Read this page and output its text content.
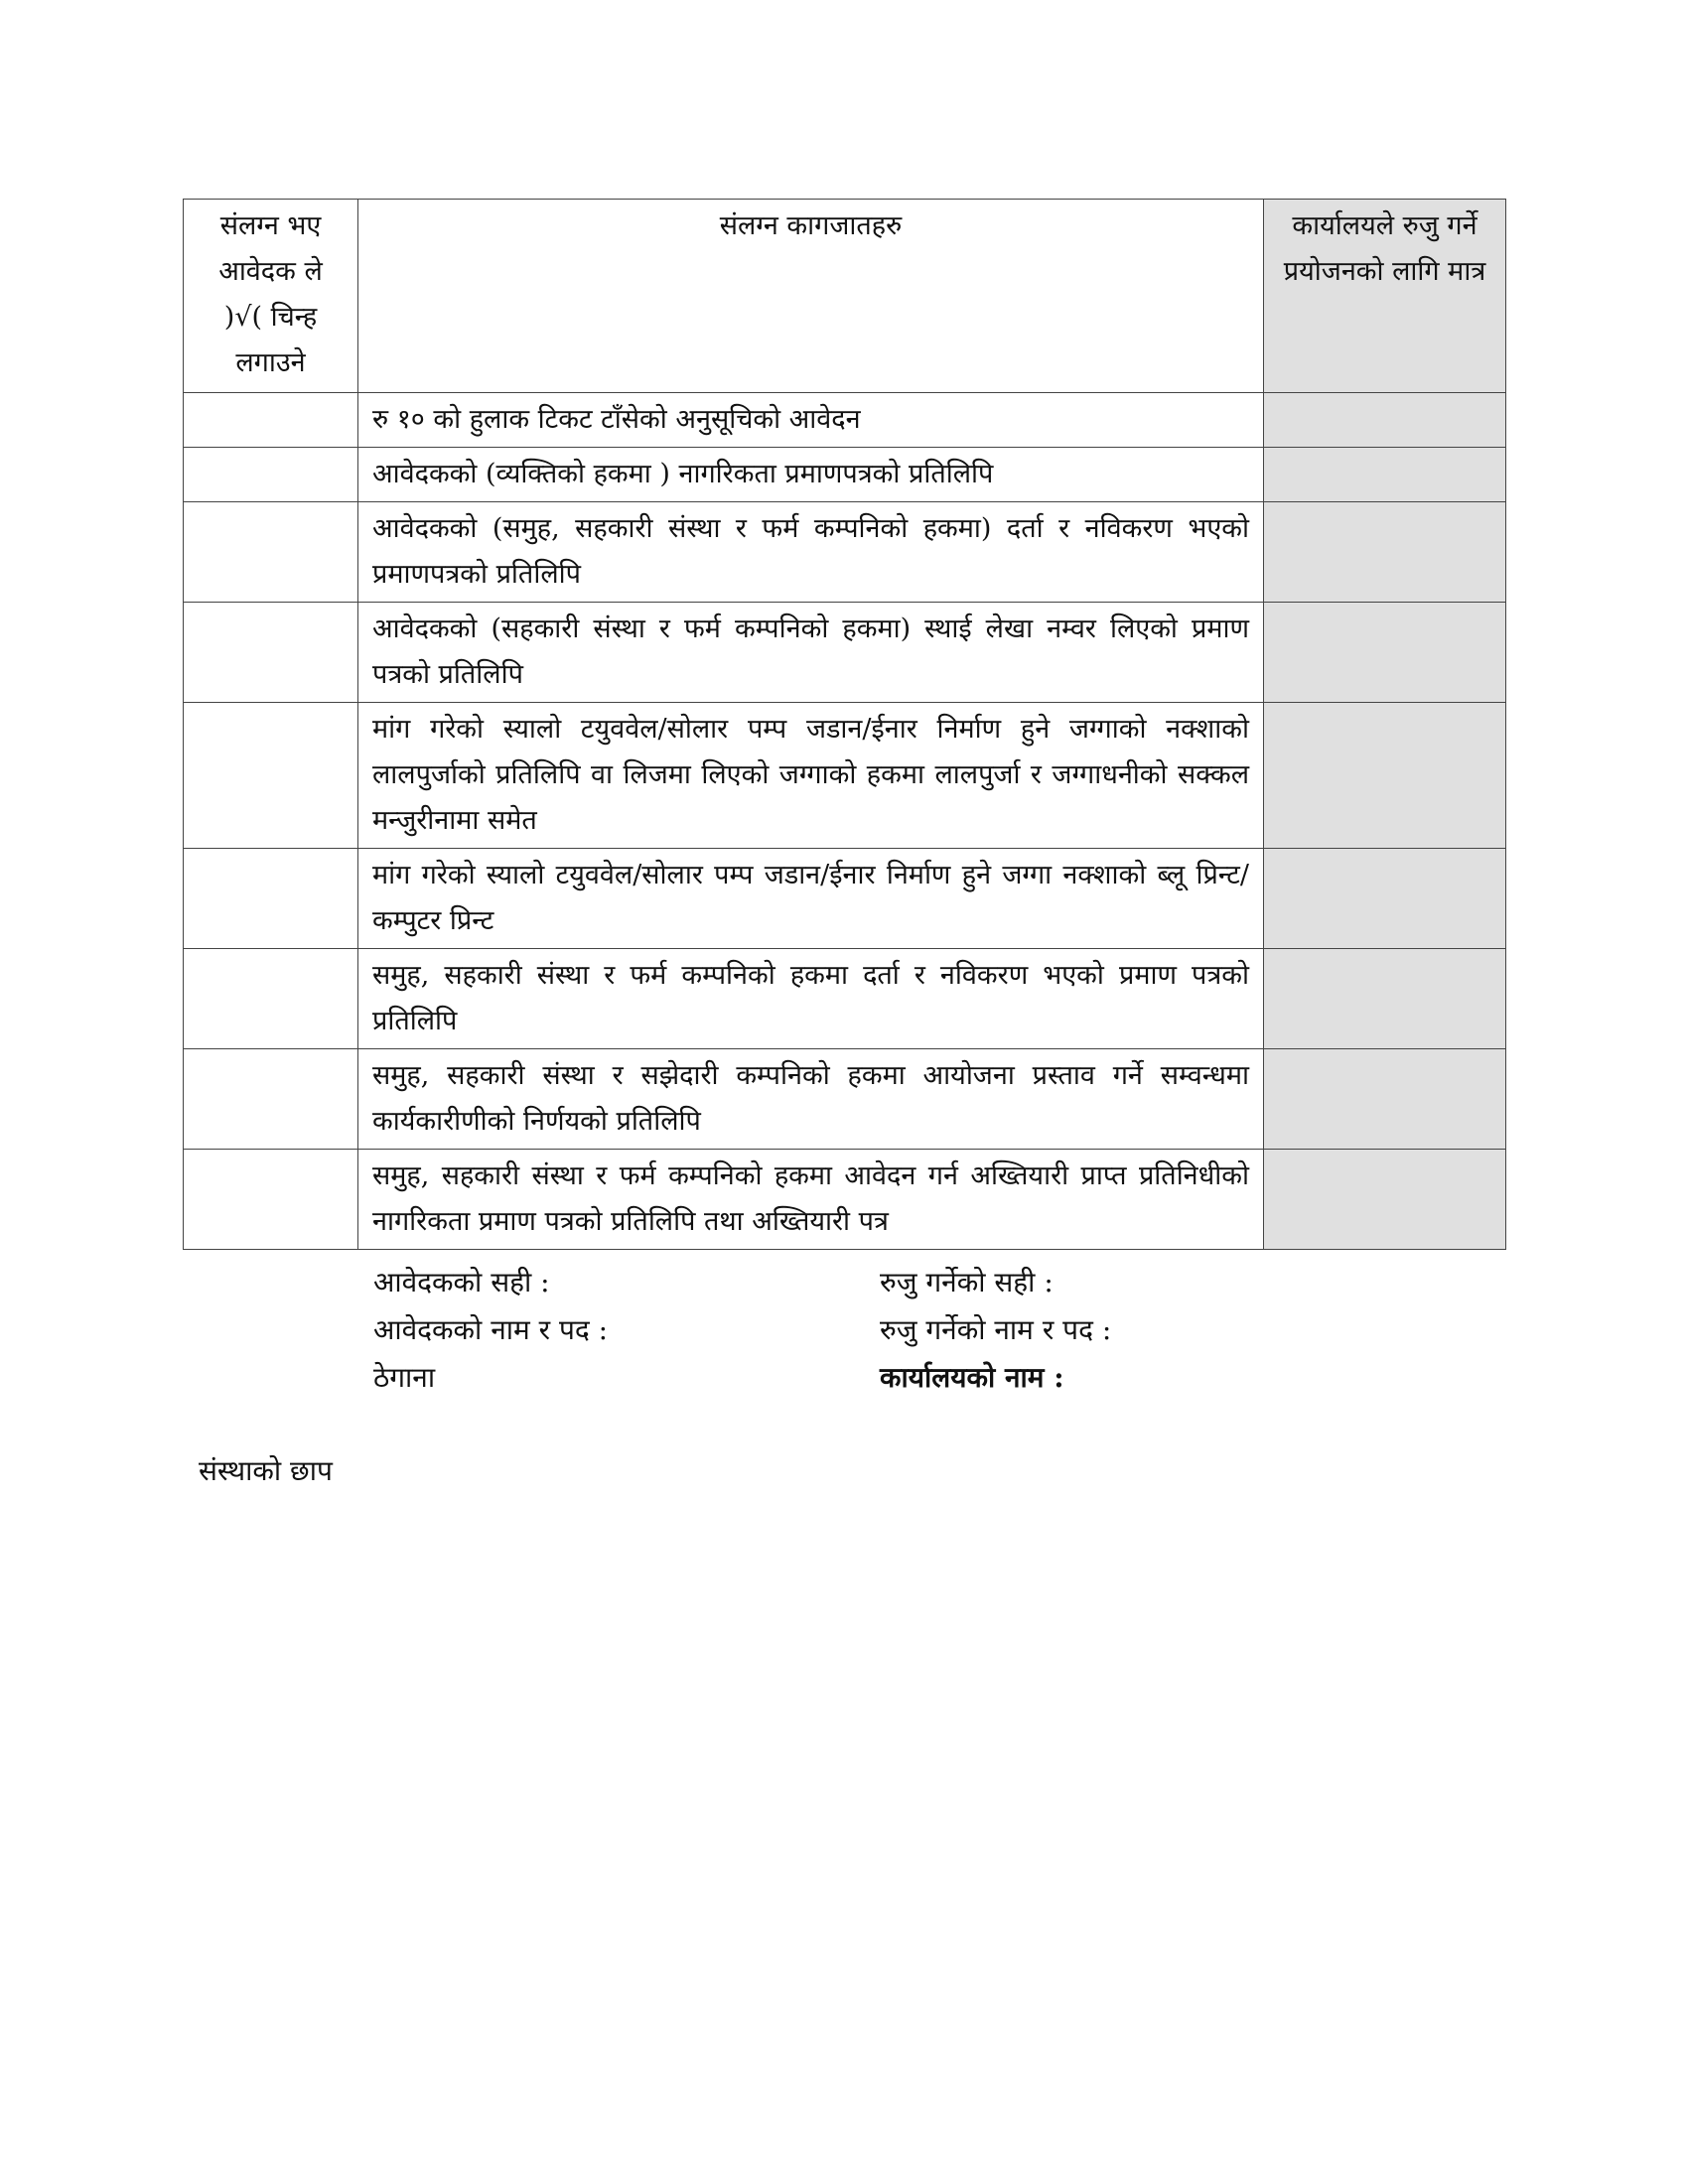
संलग्न भए आवेदक ले )√( चिन्ह लगाउने	संलग्न कागजातहरु	कार्यालयले रुजु गर्ने प्रयोजनको लागि मात्र
	रु १० को हुलाक टिकट टाँसेको अनुसूचिको आवेदन	
	आवेदकको (व्यक्तिको हकमा ) नागरिकता प्रमाणपत्रको प्रतिलिपि	
	आवेदकको (समुह, सहकारी संस्था र फर्म कम्पनिको हकमा) दर्ता र नविकरण भएको प्रमाणपत्रको प्रतिलिपि	
	आवेदकको (सहकारी संस्था र फर्म कम्पनिको हकमा) स्थाई लेखा नम्वर लिएको प्रमाण पत्रको प्रतिलिपि	
	मांग गरेको स्यालो टयुववेल/सोलार पम्प जडान/ईनार निर्माण हुने जग्गाको नक्शाको लालपुर्जाको प्रतिलिपि वा लिजमा लिएको जग्गाको हकमा लालपुर्जा र जग्गाधनीको सक्कल मन्जुरीनामा समेत	
	मांग गरेको स्यालो टयुववेल/सोलार पम्प जडान/ईनार निर्माण हुने जग्गा नक्शाको ब्लू प्रिन्ट/कम्पुटर प्रिन्ट	
	समुह, सहकारी संस्था र फर्म कम्पनिको हकमा दर्ता र नविकरण भएको प्रमाण पत्रको प्रतिलिपि	
	समुह, सहकारी संस्था र सझेदारी कम्पनिको हकमा आयोजना प्रस्ताव गर्ने सम्वन्धमा कार्यकारीणीको निर्णयको प्रतिलिपि	
	समुह, सहकारी संस्था र फर्म कम्पनिको हकमा आवेदन गर्न अख्तियारी प्राप्त प्रतिनिधीको नागरिकता प्रमाण पत्रको प्रतिलिपि तथा अख्तियारी पत्र	
आवेदकको सही :
आवेदकको नाम र पद :
ठेगाना
रुजु गर्नेको सही :
रुजु गर्नेको नाम र पद :
कार्यालयको नाम :
संस्थाको छाप
